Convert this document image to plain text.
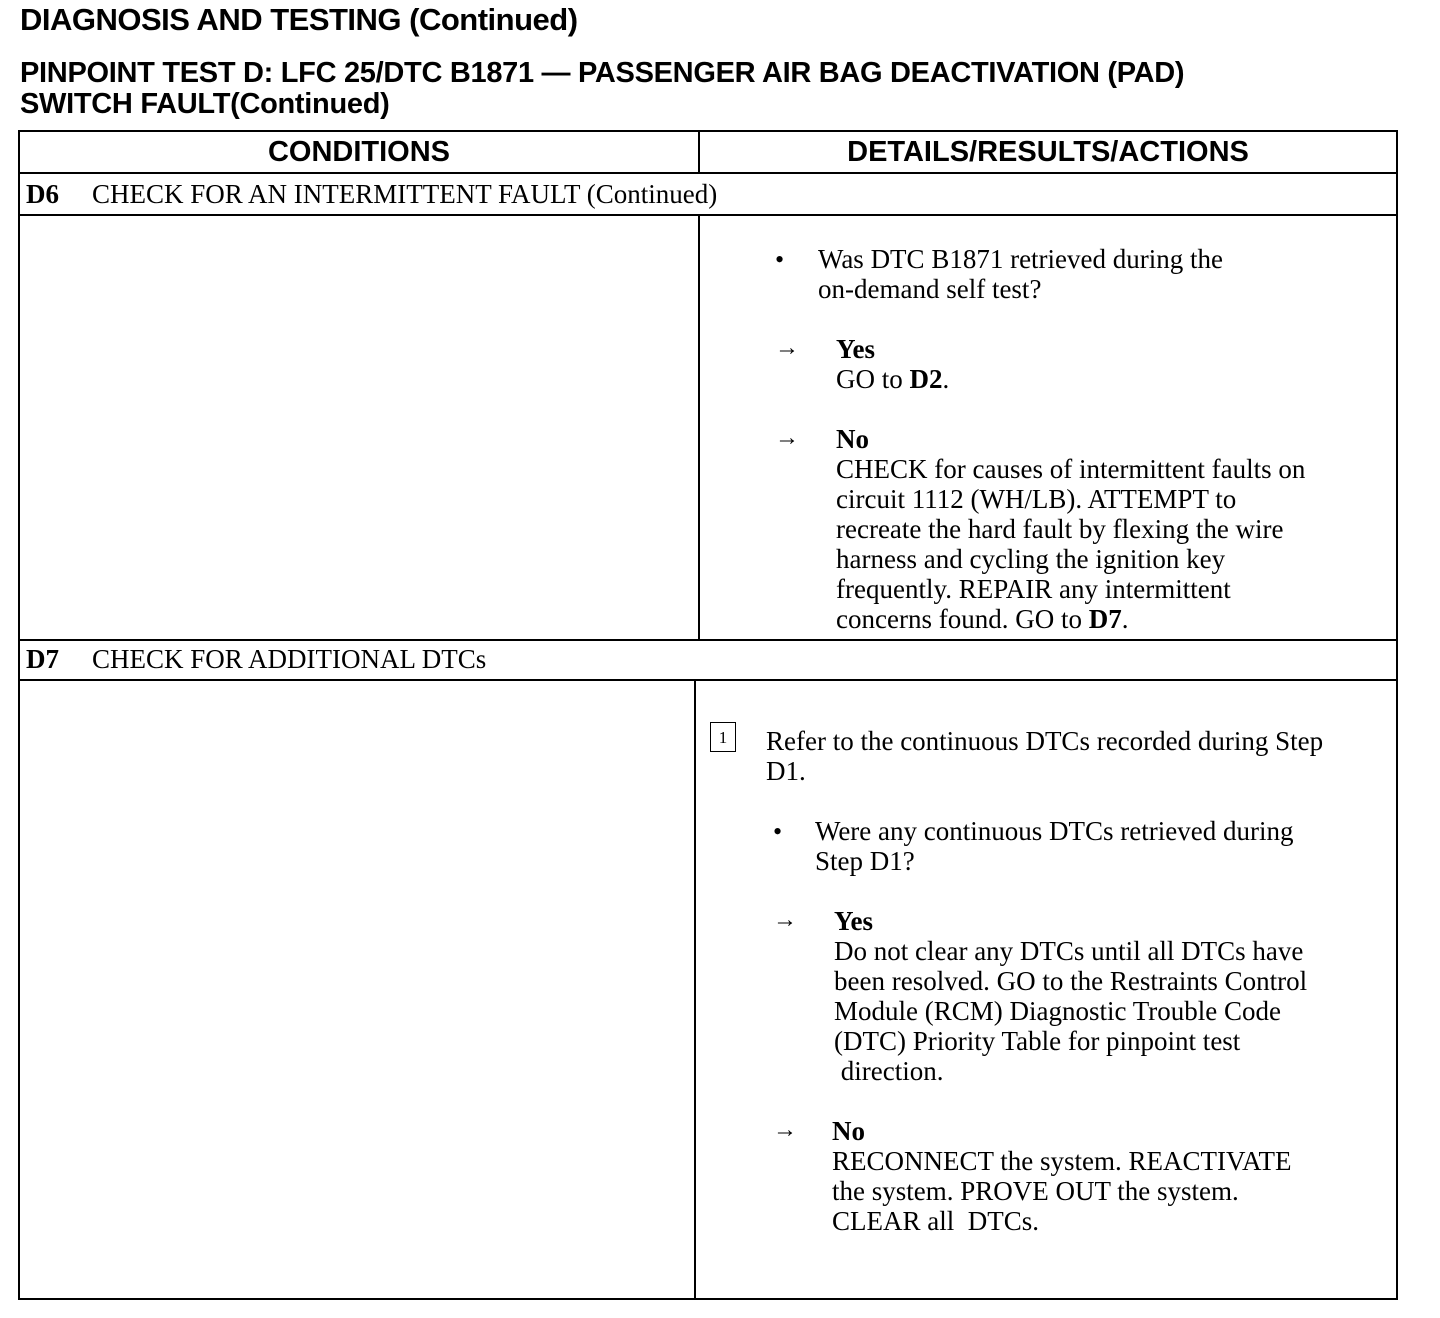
DIAGNOSIS AND TESTING (Continued)
PINPOINT TEST D: LFC 25/DTC B1871 — PASSENGER AIR BAG DEACTIVATION (PAD)
SWITCH FAULT(Continued)
CONDITIONS	DETAILS/RESULTS/ACTIONS
D6 CHECK FOR AN INTERMITTENT FAULT (Continued)
• Was DTC B1871 retrieved during the
on-demand self test?
→ Yes
GO to D2.
→ No
CHECK for causes of intermittent faults on
circuit 1112 (WH/LB). ATTEMPT to
recreate the hard fault by flexing the wire
harness and cycling the ignition key
frequently. REPAIR any intermittent
concerns found. GO to D7.
D7 CHECK FOR ADDITIONAL DTCs
1	Refer to the continuous DTCs recorded during Step
D1.
• Were any continuous DTCs retrieved during
Step D1?
→ Yes
Do not clear any DTCs until all DTCs have
been resolved. GO to the Restraints Control
Module (RCM) Diagnostic Trouble Code
(DTC) Priority Table for pinpoint test
direction.
→ No
RECONNECT the system. REACTIVATE
the system. PROVE OUT the system.
CLEAR all  DTCs.
